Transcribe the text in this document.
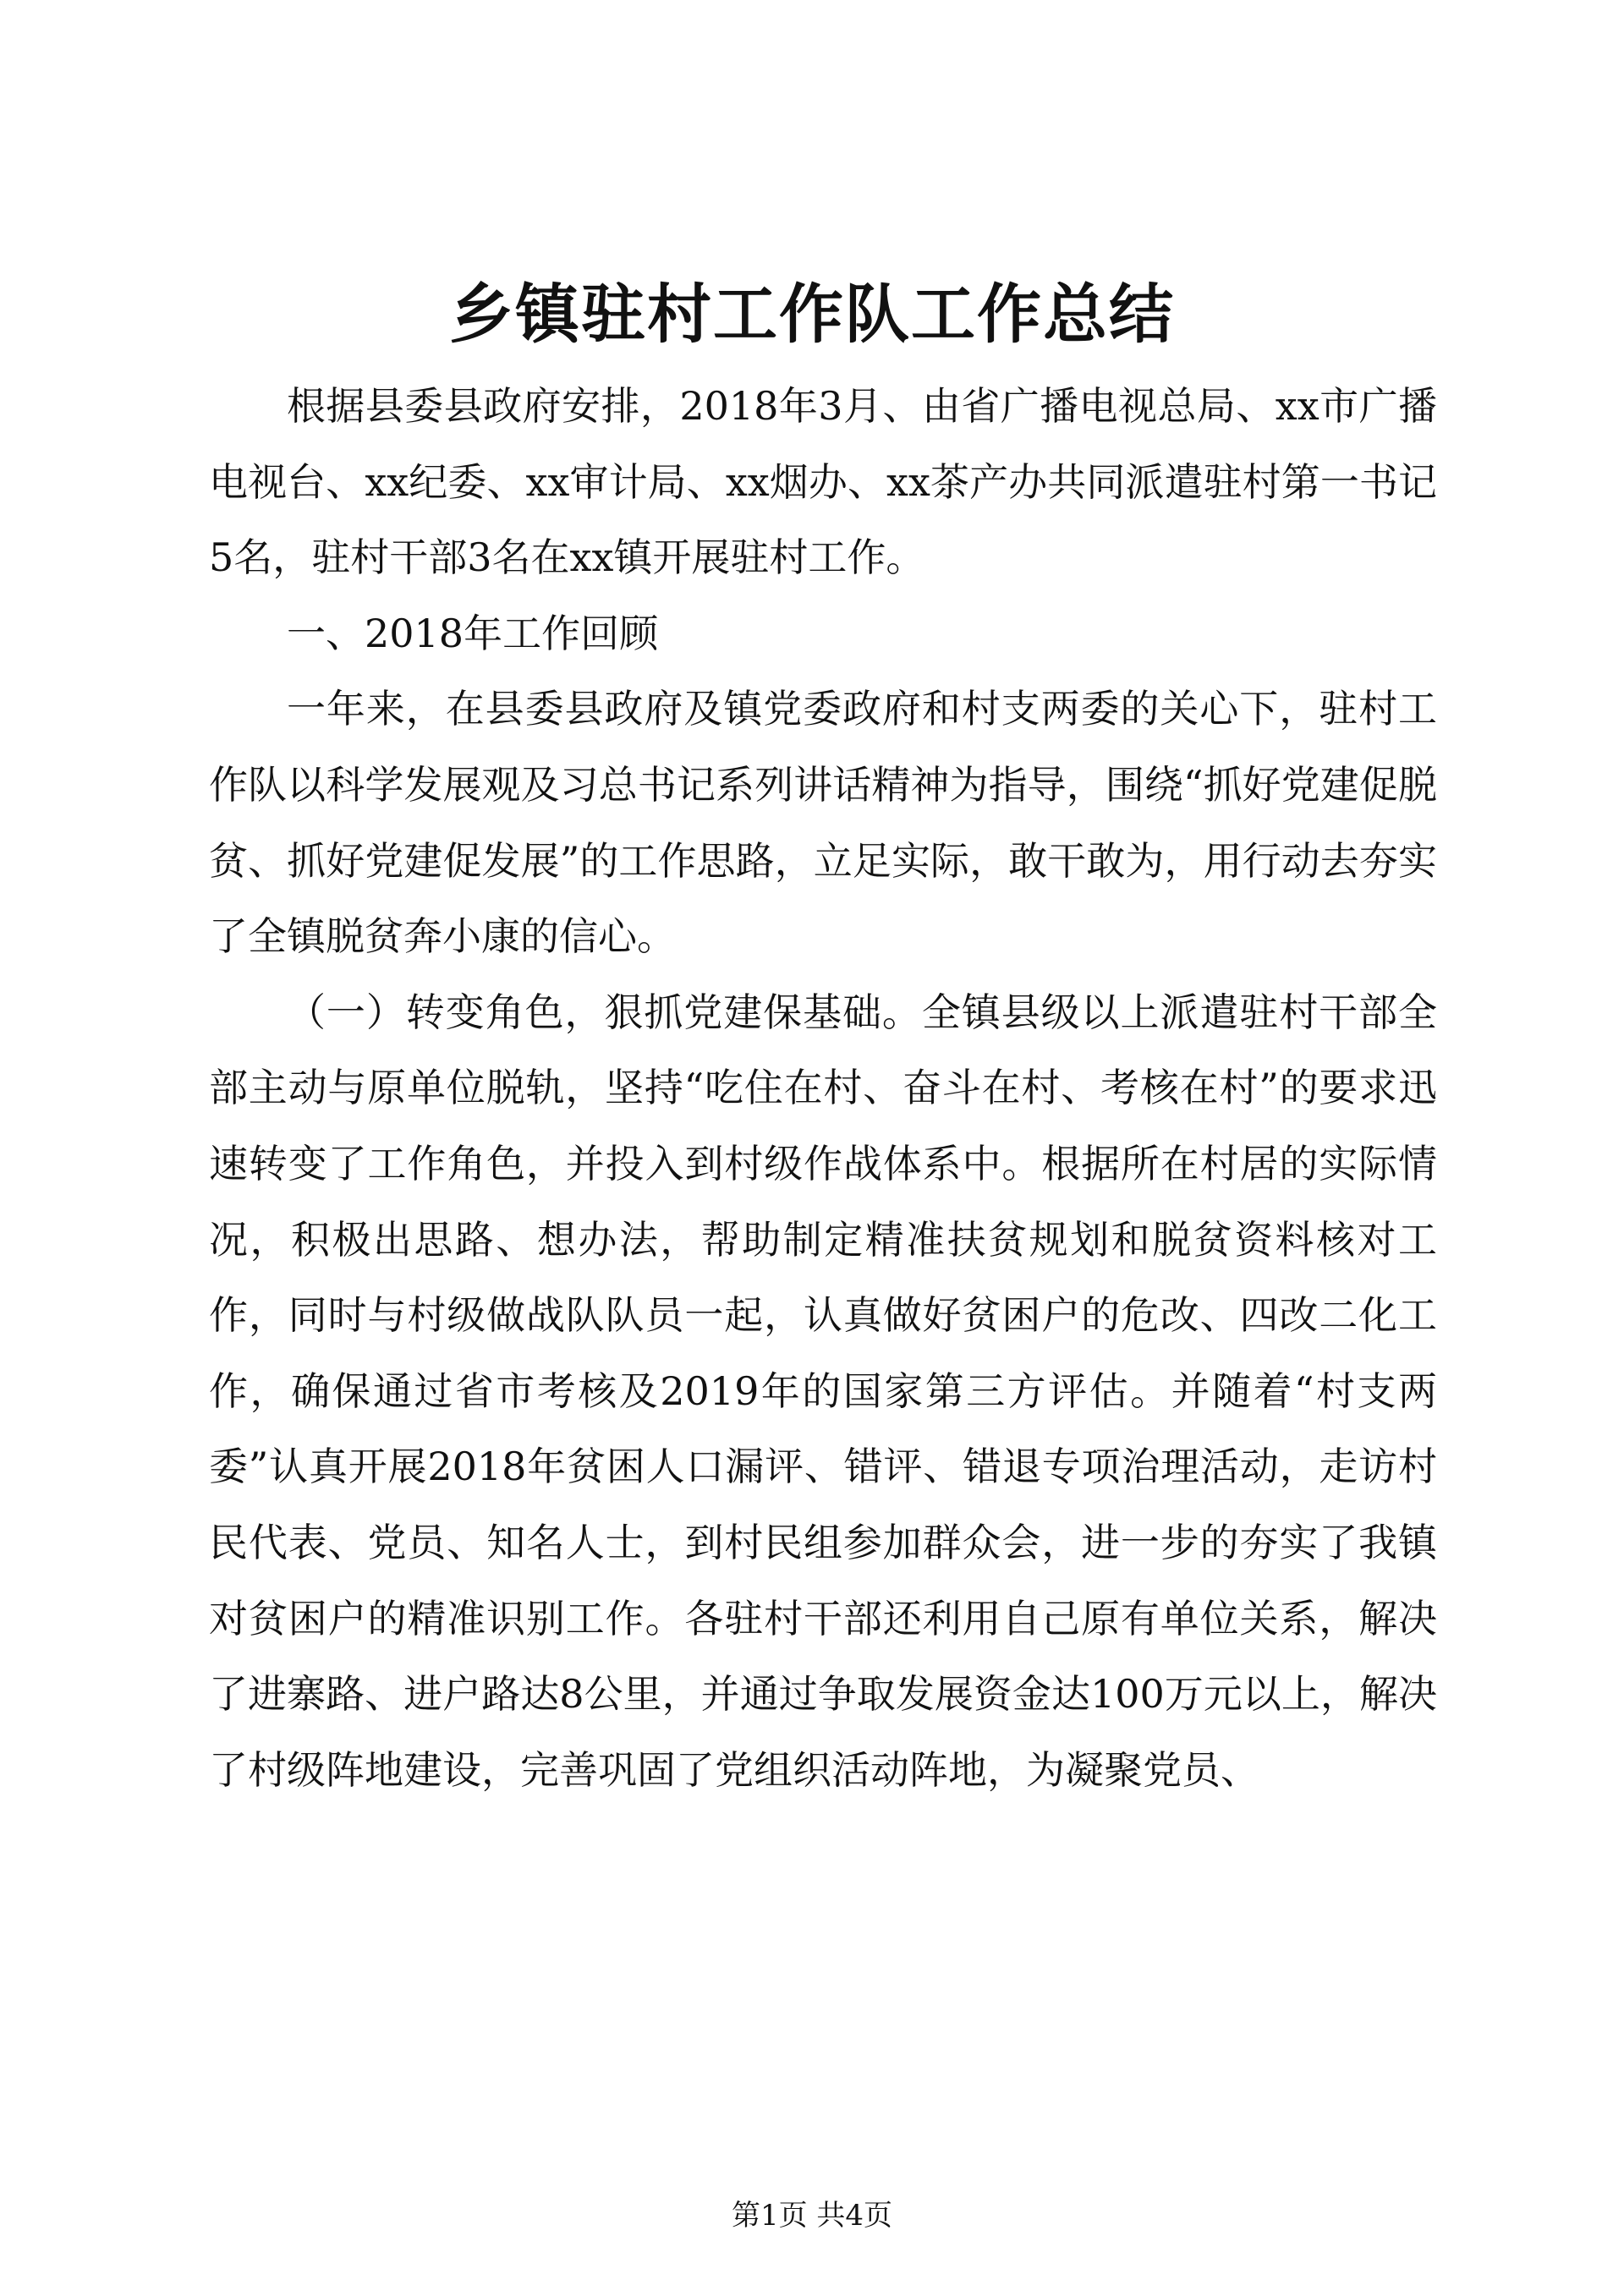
乡镇驻村工作队工作总结

根据县委县政府安排，2018年3月、由省广播电视总局、xx市广播电视台、xx纪委、xx审计局、xx烟办、xx茶产办共同派遣驻村第一书记5名，驻村干部3名在xx镇开展驻村工作。

一、2018年工作回顾

一年来，在县委县政府及镇党委政府和村支两委的关心下，驻村工作队以科学发展观及习总书记系列讲话精神为指导，围绕“抓好党建促脱贫、抓好党建促发展”的工作思路，立足实际，敢干敢为，用行动去夯实了全镇脱贫奔小康的信心。

（一）转变角色，狠抓党建保基础。全镇县级以上派遣驻村干部全部主动与原单位脱轨，坚持“吃住在村、奋斗在村、考核在村”的要求迅速转变了工作角色，并投入到村级作战体系中。根据所在村居的实际情况，积极出思路、想办法，帮助制定精准扶贫规划和脱贫资料核对工作，同时与村级做战队队员一起，认真做好贫困户的危改、四改二化工作，确保通过省市考核及2019年的国家第三方评估。并随着“村支两委”认真开展2018年贫困人口漏评、错评、错退专项治理活动，走访村民代表、党员、知名人士，到村民组参加群众会，进一步的夯实了我镇对贫困户的精准识别工作。各驻村干部还利用自己原有单位关系，解决了进寨路、进户路达8公里，并通过争取发展资金达100万元以上，解决了村级阵地建设，完善巩固了党组织活动阵地，为凝聚党员、

第1页 共4页
